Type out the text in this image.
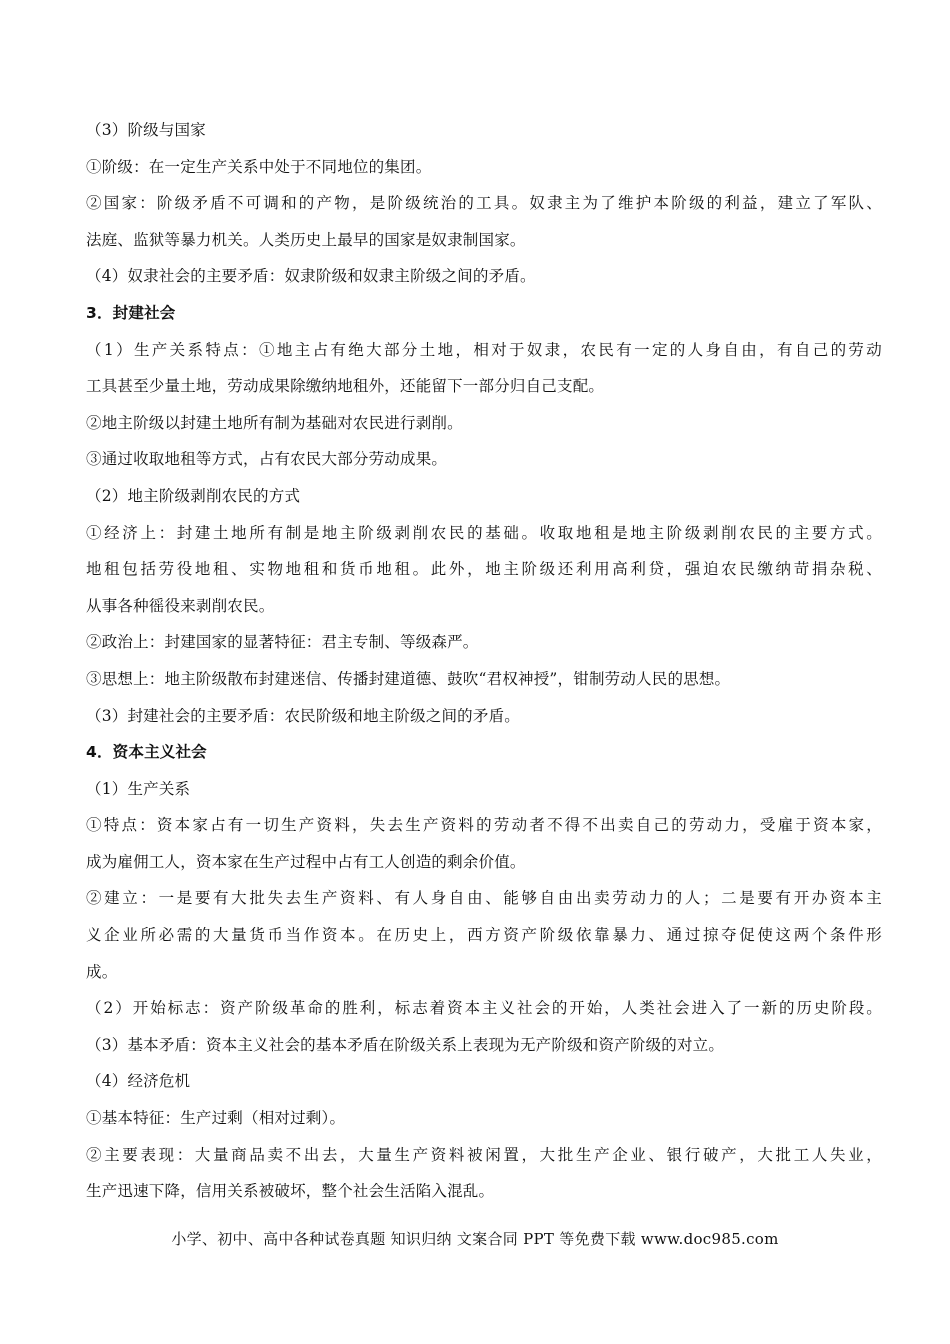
（3）阶级与国家
①阶级：在一定生产关系中处于不同地位的集团。
②国家：阶级矛盾不可调和的产物，是阶级统治的工具。奴隶主为了维护本阶级的利益，建立了军队、
法庭、监狱等暴力机关。人类历史上最早的国家是奴隶制国家。
（4）奴隶社会的主要矛盾：奴隶阶级和奴隶主阶级之间的矛盾。
3．封建社会
（1）生产关系特点：①地主占有绝大部分土地，相对于奴隶，农民有一定的人身自由，有自己的劳动
工具甚至少量土地，劳动成果除缴纳地租外，还能留下一部分归自己支配。
②地主阶级以封建土地所有制为基础对农民进行剥削。
③通过收取地租等方式，占有农民大部分劳动成果。
（2）地主阶级剥削农民的方式
①经济上：封建土地所有制是地主阶级剥削农民的基础。收取地租是地主阶级剥削农民的主要方式。
地租包括劳役地租、实物地租和货币地租。此外，地主阶级还利用高利贷，强迫农民缴纳苛捐杂税、
从事各种徭役来剥削农民。
②政治上：封建国家的显著特征：君主专制、等级森严。
③思想上：地主阶级散布封建迷信、传播封建道德、鼓吹“君权神授”，钳制劳动人民的思想。
（3）封建社会的主要矛盾：农民阶级和地主阶级之间的矛盾。
4．资本主义社会
（1）生产关系
①特点：资本家占有一切生产资料，失去生产资料的劳动者不得不出卖自己的劳动力，受雇于资本家，
成为雇佣工人，资本家在生产过程中占有工人创造的剩余价值。
②建立：一是要有大批失去生产资料、有人身自由、能够自由出卖劳动力的人；二是要有开办资本主
义企业所必需的大量货币当作资本。在历史上，西方资产阶级依靠暴力、通过掠夺促使这两个条件形
成。
（2）开始标志：资产阶级革命的胜利，标志着资本主义社会的开始，人类社会进入了一新的历史阶段。
（3）基本矛盾：资本主义社会的基本矛盾在阶级关系上表现为无产阶级和资产阶级的对立。
（4）经济危机
①基本特征：生产过剩（相对过剩）。
②主要表现：大量商品卖不出去，大量生产资料被闲置，大批生产企业、银行破产，大批工人失业，
生产迅速下降，信用关系被破坏，整个社会生活陷入混乱。
小学、初中、高中各种试卷真题 知识归纳 文案合同 PPT 等免费下载 www.doc985.com
